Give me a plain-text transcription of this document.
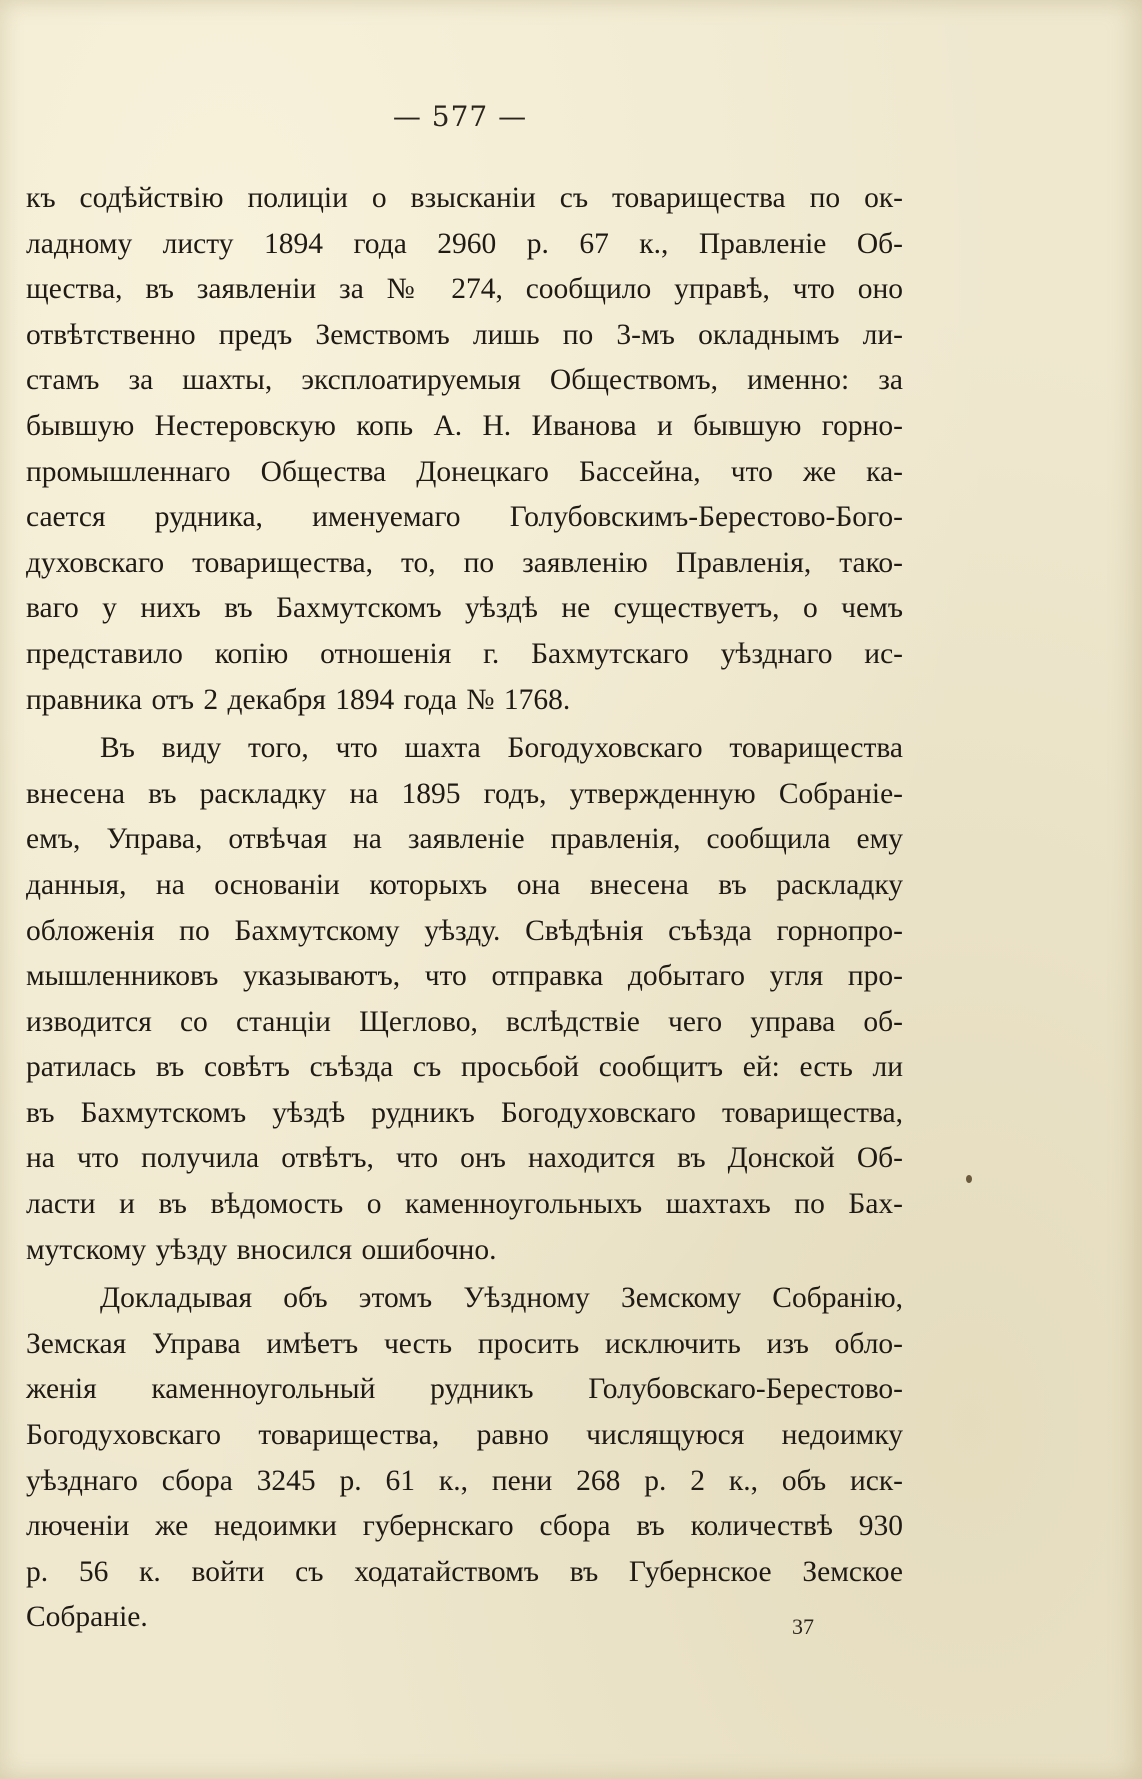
— 577 —
къ содѣйствію полиціи о взысканіи съ товарищества по ок-
ладному листу 1894 года 2960 р. 67 к., Правленіе Об-
щества, въ заявленіи за № 274, сообщило управѣ, что оно
отвѣтственно предъ Земствомъ лишь по 3-мъ окладнымъ ли-
стамъ за шахты, эксплоатируемыя Обществомъ, именно: за
бывшую Нестеровскую копь А. Н. Иванова и бывшую горно-
промышленнаго Общества Донецкаго Бассейна, что же ка-
сается рудника, именуемаго Голубовскимъ-Берестово-Бого-
духовскаго товарищества, то, по заявленію Правленія, тако-
ваго у нихъ въ Бахмутскомъ уѣздѣ не существуетъ, о чемъ
представило копію отношенія г. Бахмутскаго уѣзднаго ис-
правника отъ 2 декабря 1894 года № 1768.
Въ виду того, что шахта Богодуховскаго товарищества
внесена въ раскладку на 1895 годъ, утвержденную Собраніе-
емъ, Управа, отвѣчая на заявленіе правленія, сообщила ему
данныя, на основаніи которыхъ она внесена въ раскладку
обложенія по Бахмутскому уѣзду. Свѣдѣнія съѣзда горнопро-
мышленниковъ указываютъ, что отправка добытаго угля про-
изводится со станціи Щеглово, вслѣдствіе чего управа об-
ратилась въ совѣтъ съѣзда съ просьбой сообщитъ ей: есть ли
въ Бахмутскомъ уѣздѣ рудникъ Богодуховскаго товарищества,
на что получила отвѣтъ, что онъ находится въ Донской Об-
ласти и въ вѣдомость о каменноугольныхъ шахтахъ по Бах-
мутскому уѣзду вносился ошибочно.
Докладывая объ этомъ Уѣздному Земскому Собранію,
Земская Управа имѣетъ честь просить исключить изъ обло-
женія каменноугольный рудникъ Голубовскаго-Берестово-
Богодуховскаго товарищества, равно числящуюся недоимку
уѣзднаго сбора 3245 р. 61 к., пени 268 р. 2 к., объ иск-
люченіи же недоимки губернскаго сбора въ количествѣ 930
р. 56 к. войти съ ходатайствомъ въ Губернское Земское
Собраніе.	37
